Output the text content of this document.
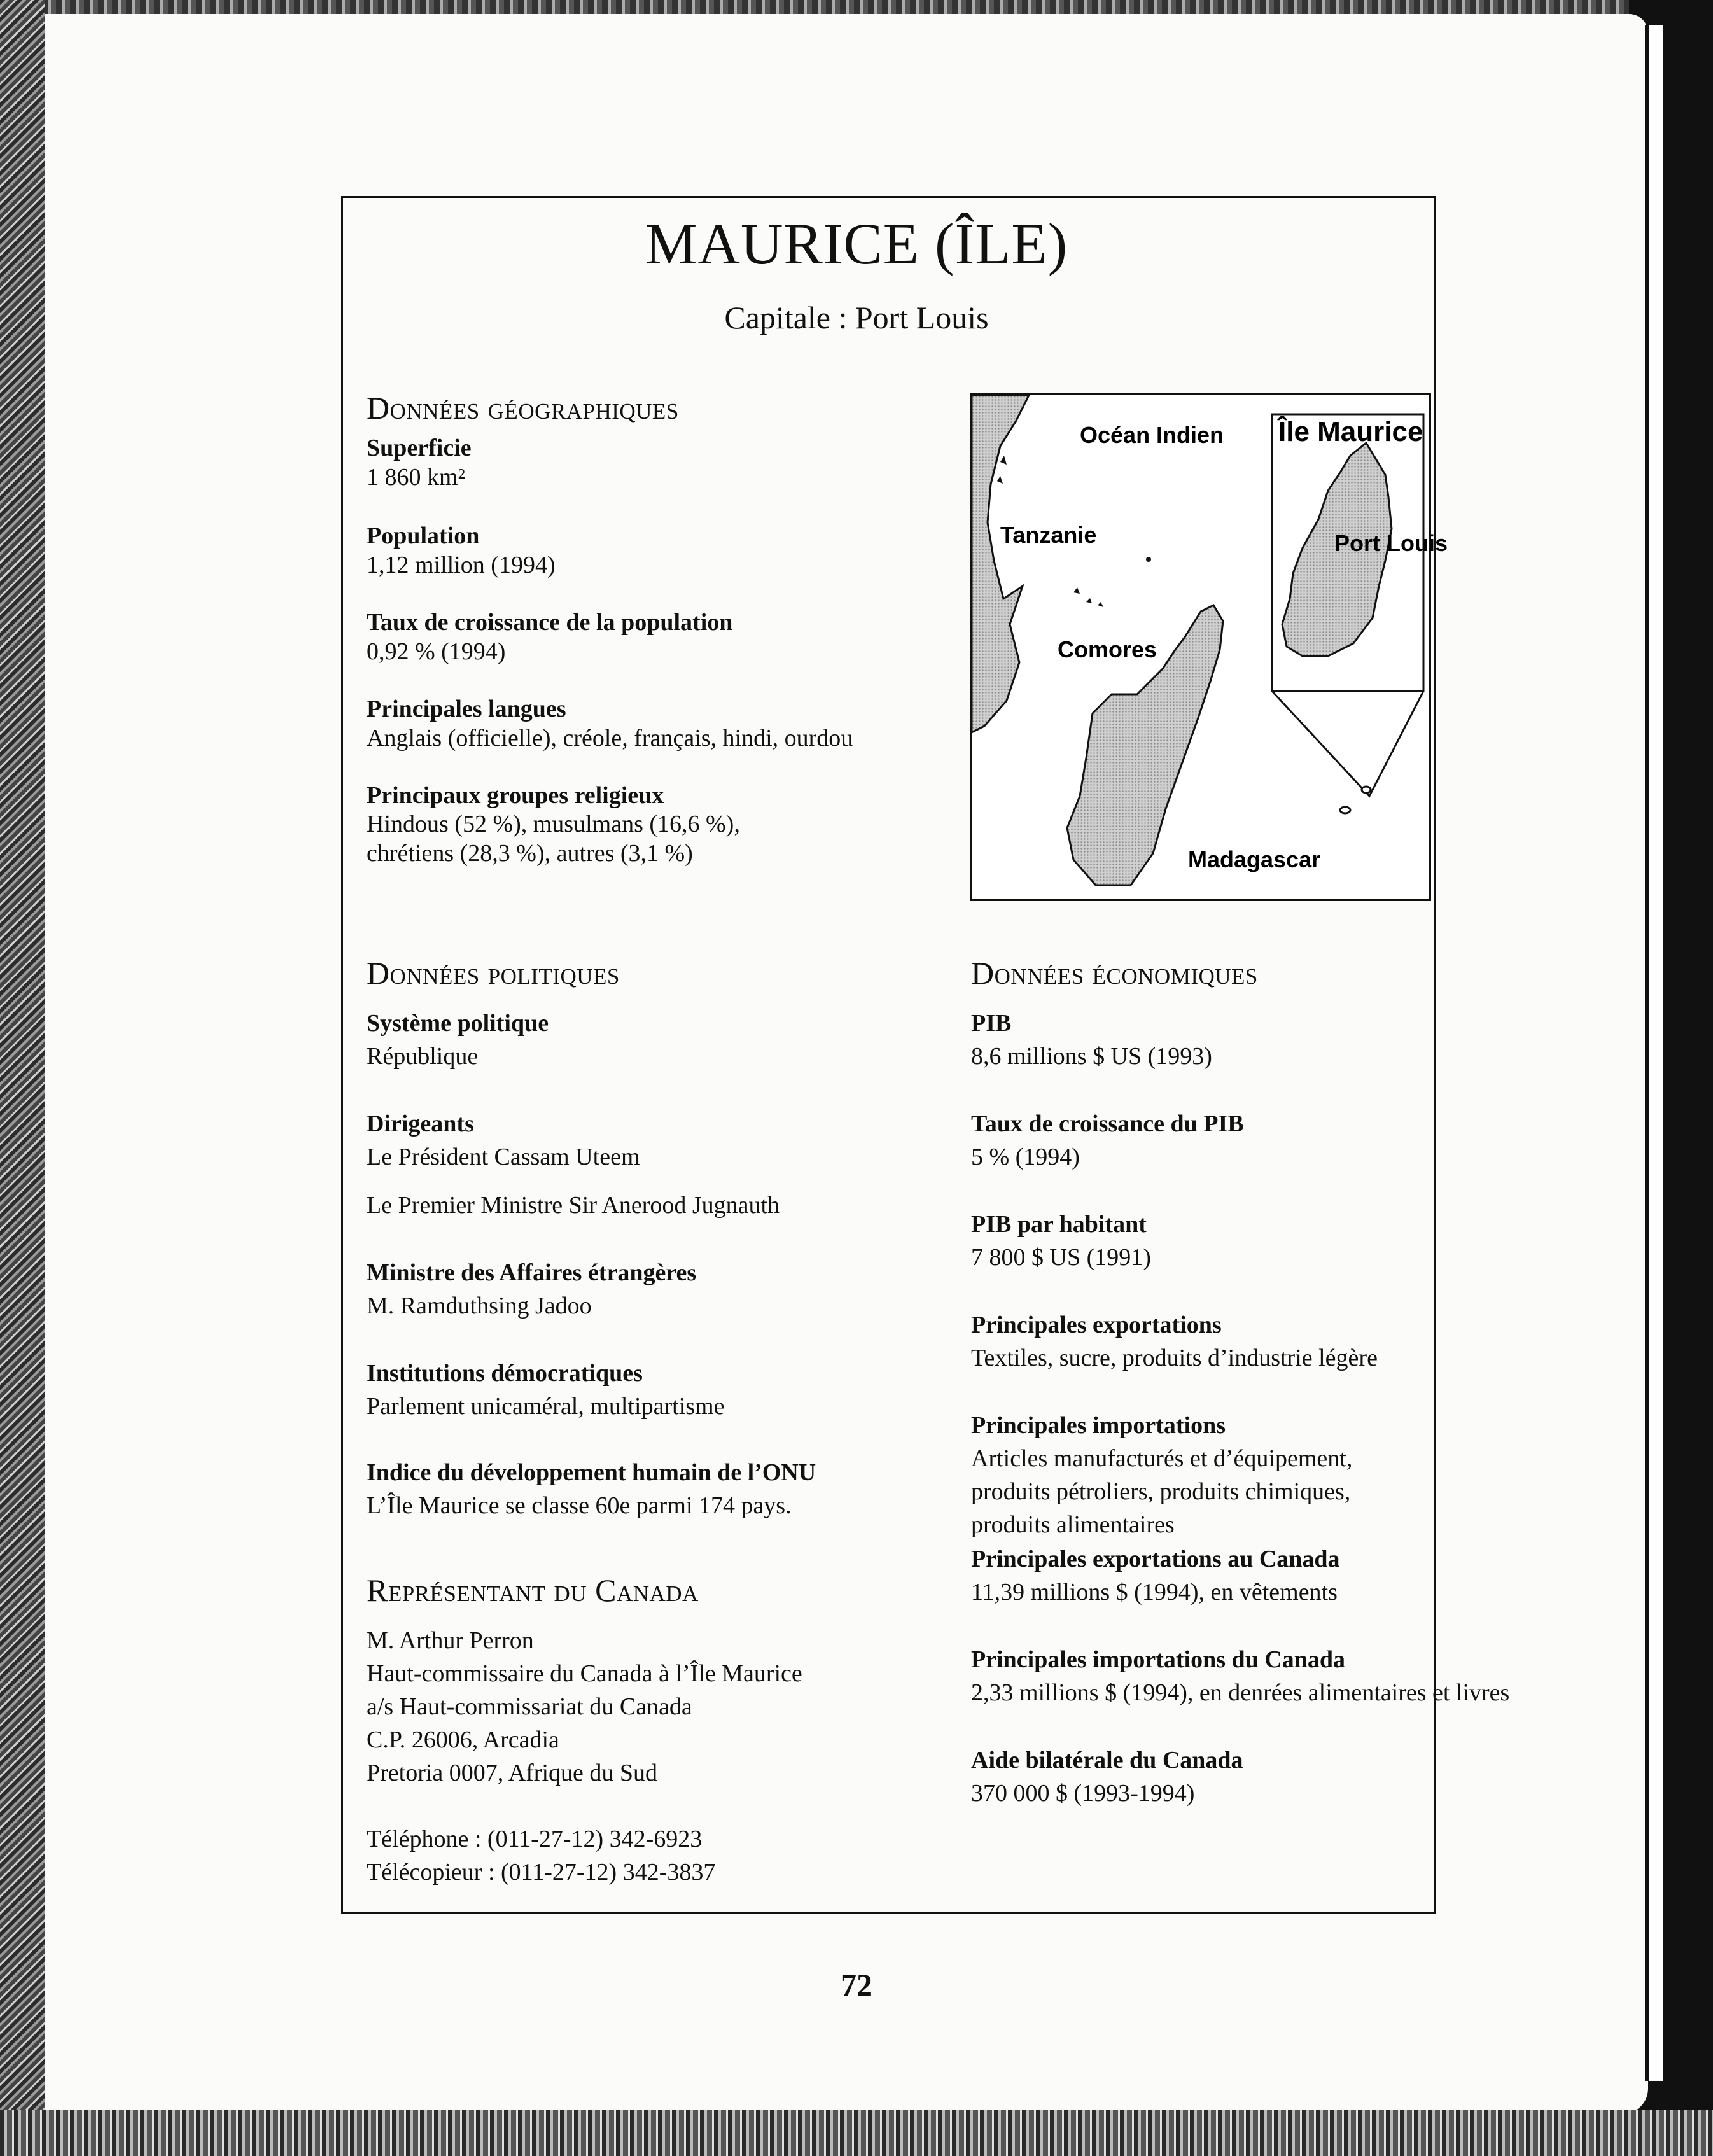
MAURICE (ÎLE)
Capitale : Port Louis
Données géographiques
Superficie
1 860 km²
Population
1,12 million (1994)
Taux de croissance de la population
0,92 % (1994)
Principales langues
Anglais (officielle), créole, français, hindi, ourdou
Principaux groupes religieux
Hindous (52 %), musulmans (16,6 %), chrétiens (28,3 %), autres (3,1 %)
Océan Indien
Tanzanie
Comores
Madagascar
Île Maurice
Port Louis
Données politiques
Système politique
République
Dirigeants
Le Président Cassam Uteem
Le Premier Ministre Sir Anerood Jugnauth
Ministre des Affaires étrangères
M. Ramduthsing Jadoo
Institutions démocratiques
Parlement unicaméral, multipartisme
Indice du développement humain de l’ONU
L’Île Maurice se classe 60e parmi 174 pays.
Représentant du Canada
M. Arthur Perron
Haut-commissaire du Canada à l’Île Maurice
a/s Haut-commissariat du Canada
C.P. 26006, Arcadia
Pretoria 0007, Afrique du Sud
Téléphone : (011-27-12) 342-6923
Télécopieur : (011-27-12) 342-3837
Données économiques
PIB
8,6 millions $ US (1993)
Taux de croissance du PIB
5 % (1994)
PIB par habitant
7 800 $ US (1991)
Principales exportations
Textiles, sucre, produits d’industrie légère
Principales importations
Articles manufacturés et d’équipement, produits pétroliers, produits chimiques, produits alimentaires
Principales exportations au Canada
11,39 millions $ (1994), en vêtements
Principales importations du Canada
2,33 millions $ (1994), en denrées alimentaires et livres
Aide bilatérale du Canada
370 000 $ (1993-1994)
72
